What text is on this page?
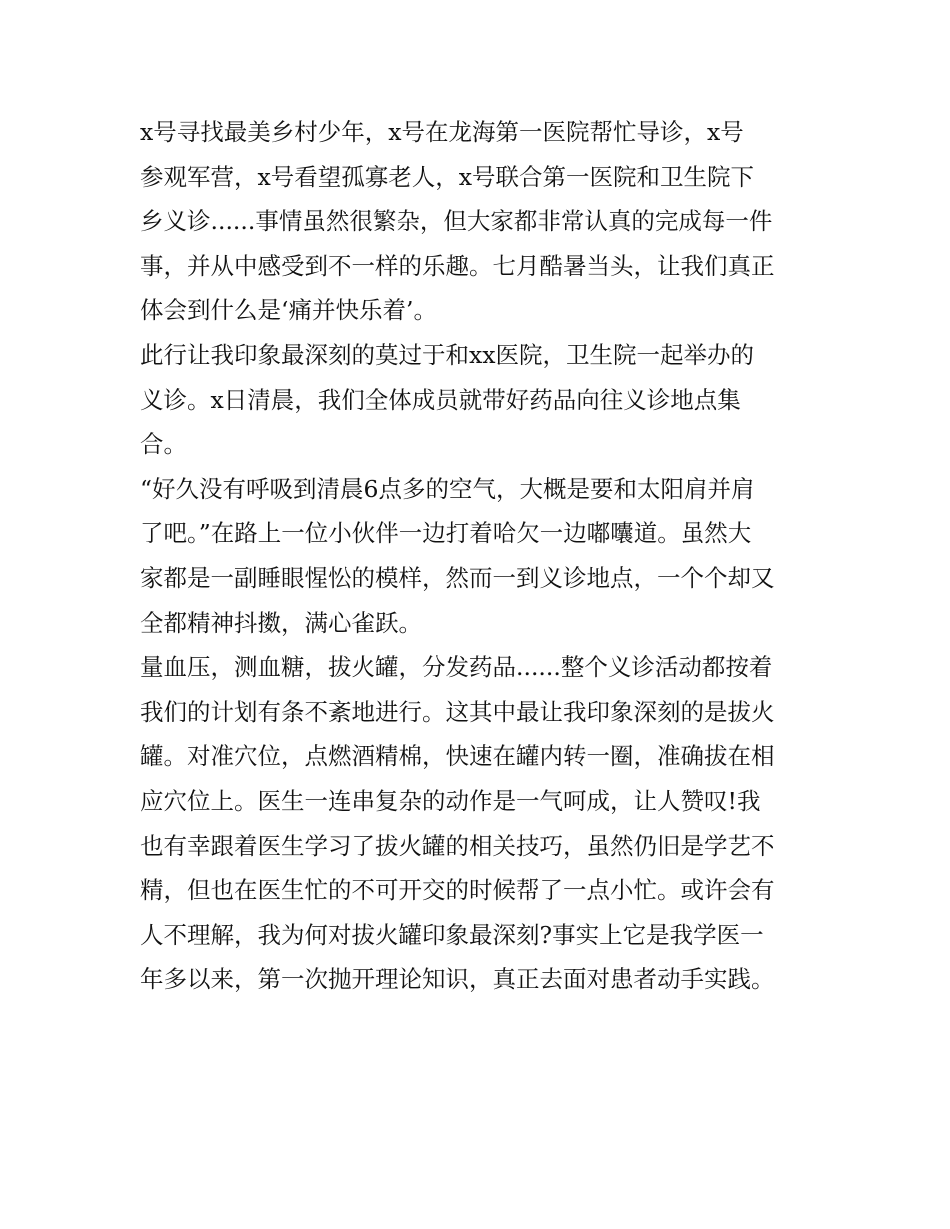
x号寻找最美乡村少年，x号在龙海第一医院帮忙导诊，x号
参观军营，x号看望孤寡老人，x号联合第一医院和卫生院下
乡义诊......事情虽然很繁杂，但大家都非常认真的完成每一件
事，并从中感受到不一样的乐趣。七月酷暑当头，让我们真正
体会到什么是‘痛并快乐着’。
此行让我印象最深刻的莫过于和xx医院，卫生院一起举办的
义诊。x日清晨，我们全体成员就带好药品向往义诊地点集
合。
“好久没有呼吸到清晨6点多的空气，大概是要和太阳肩并肩
了吧。”在路上一位小伙伴一边打着哈欠一边嘟囔道。虽然大
家都是一副睡眼惺忪的模样，然而一到义诊地点，一个个却又
全都精神抖擞，满心雀跃。
量血压，测血糖，拔火罐，分发药品......整个义诊活动都按着
我们的计划有条不紊地进行。这其中最让我印象深刻的是拔火
罐。对准穴位，点燃酒精棉，快速在罐内转一圈，准确拔在相
应穴位上。医生一连串复杂的动作是一气呵成，让人赞叹!我
也有幸跟着医生学习了拔火罐的相关技巧，虽然仍旧是学艺不
精，但也在医生忙的不可开交的时候帮了一点小忙。或许会有
人不理解，我为何对拔火罐印象最深刻?事实上它是我学医一
年多以来，第一次抛开理论知识，真正去面对患者动手实践。
